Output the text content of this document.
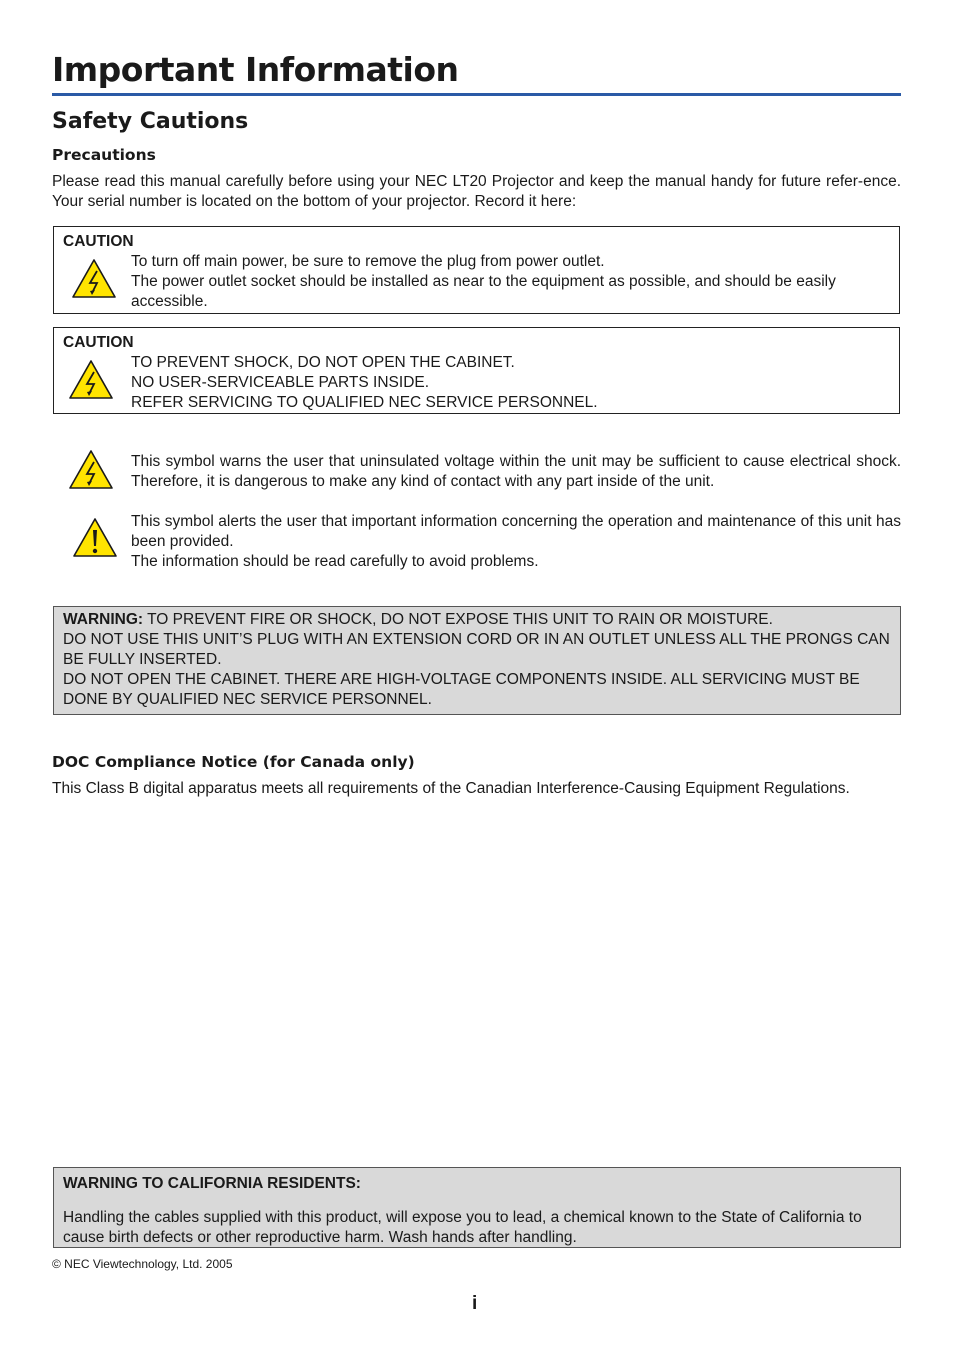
Important Information
Safety Cautions
Precautions

Please read this manual carefully before using your NEC LT20 Projector and keep the manual handy for future refer-ence. Your serial number is located on the bottom of your projector. Record it here:

CAUTION
To turn off main power, be sure to remove the plug from power outlet.
The power outlet socket should be installed as near to the equipment as possible, and should be easily accessible.
CAUTION
TO PREVENT SHOCK, DO NOT OPEN THE CABINET.
NO USER-SERVICEABLE PARTS INSIDE.
REFER SERVICING TO QUALIFIED NEC SERVICE PERSONNEL.
This symbol warns the user that uninsulated voltage within the unit may be sufficient to cause electrical shock. Therefore, it is dangerous to make any kind of contact with any part inside of the unit.
This symbol alerts the user that important information concerning the operation and maintenance of this unit has been provided.
The information should be read carefully to avoid problems.
WARNING: TO PREVENT FIRE OR SHOCK, DO NOT EXPOSE THIS UNIT TO RAIN OR MOISTURE.
DO NOT USE THIS UNIT’S PLUG WITH AN EXTENSION CORD OR IN AN OUTLET UNLESS ALL THE PRONGS CAN BE FULLY INSERTED.
DO NOT OPEN THE CABINET. THERE ARE HIGH-VOLTAGE COMPONENTS INSIDE. ALL SERVICING MUST BE DONE BY QUALIFIED NEC SERVICE PERSONNEL.
DOC Compliance Notice (for Canada only)

This Class B digital apparatus meets all requirements of the Canadian Interference-Causing Equipment Regulations.

WARNING TO CALIFORNIA RESIDENTS:
Handling the cables supplied with this product, will expose you to lead, a chemical known to the State of California to cause birth defects or other reproductive harm. Wash hands after handling.
© NEC Viewtechnology, Ltd. 2005
i
